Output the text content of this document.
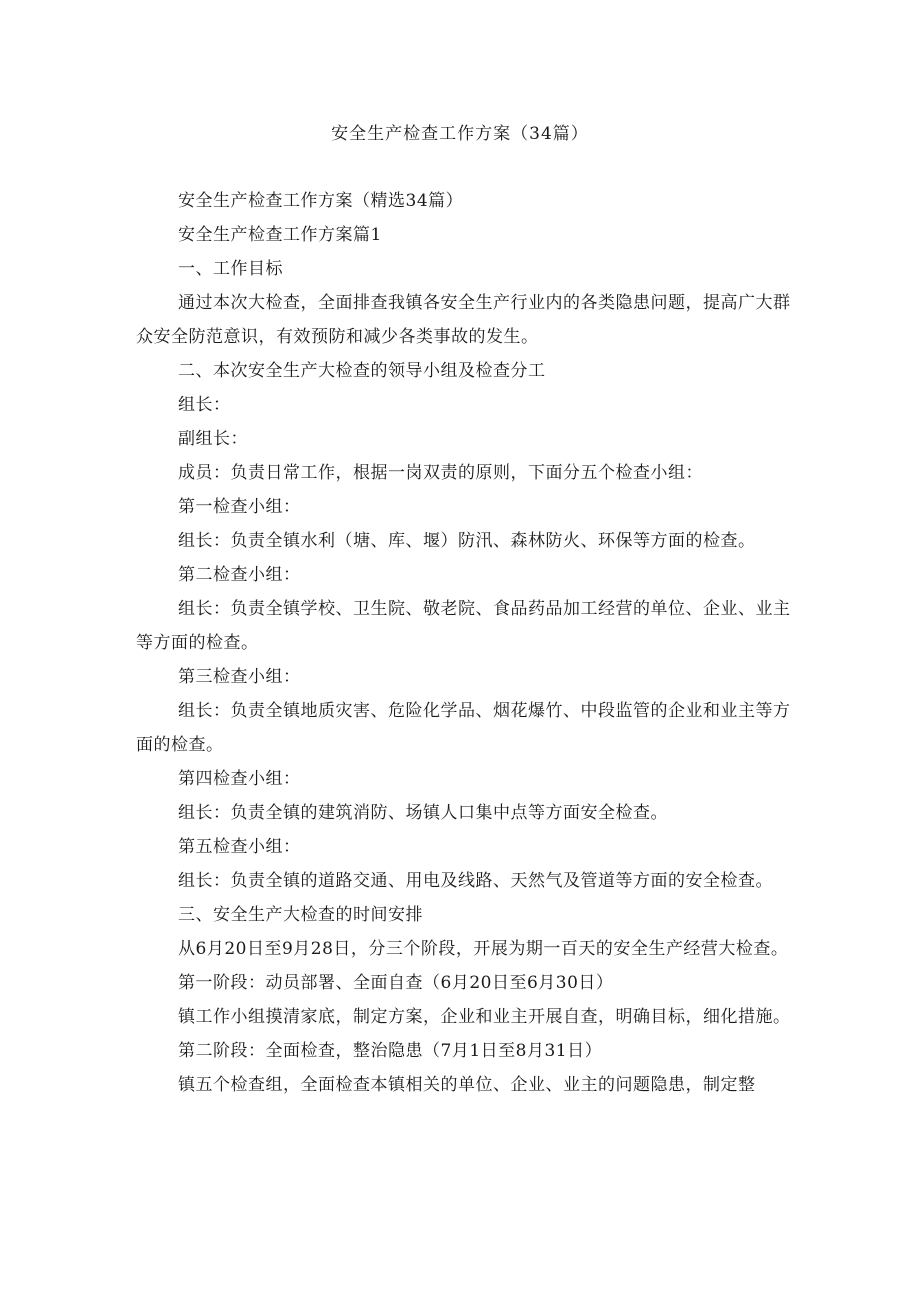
安全生产检查工作方案（34篇）

安全生产检查工作方案（精选34篇）

安全生产检查工作方案篇1

一、工作目标

通过本次大检查，全面排查我镇各安全生产行业内的各类隐患问题，提高广大群众安全防范意识，有效预防和减少各类事故的发生。

二、本次安全生产大检查的领导小组及检查分工

组长：

副组长：

成员：负责日常工作，根据一岗双责的原则，下面分五个检查小组：

第一检查小组：

组长：负责全镇水利（塘、库、堰）防汛、森林防火、环保等方面的检查。

第二检查小组：

组长：负责全镇学校、卫生院、敬老院、食品药品加工经营的单位、企业、业主等方面的检查。

第三检查小组：

组长：负责全镇地质灾害、危险化学品、烟花爆竹、中段监管的企业和业主等方面的检查。

第四检查小组：

组长：负责全镇的建筑消防、场镇人口集中点等方面安全检查。

第五检查小组：

组长：负责全镇的道路交通、用电及线路、天然气及管道等方面的安全检查。

三、安全生产大检查的时间安排

从6月20日至9月28日，分三个阶段，开展为期一百天的安全生产经营大检查。

第一阶段：动员部署、全面自查（6月20日至6月30日）

镇工作小组摸清家底，制定方案，企业和业主开展自查，明确目标，细化措施。

第二阶段：全面检查，整治隐患（7月1日至8月31日）

镇五个检查组，全面检查本镇相关的单位、企业、业主的问题隐患，制定整
